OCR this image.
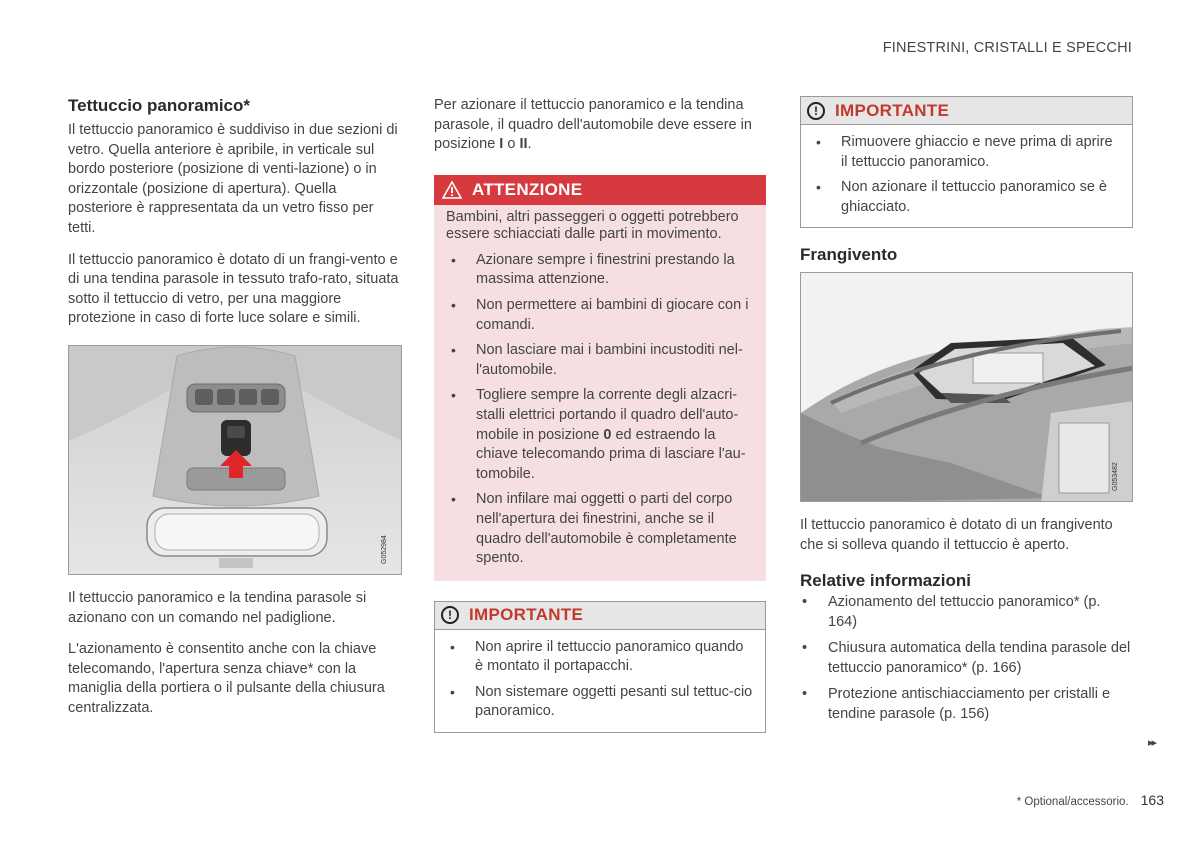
FINESTRINI, CRISTALLI E SPECCHI
Tettuccio panoramico*

Il tettuccio panoramico è suddiviso in due sezioni di vetro. Quella anteriore è apribile, in verticale sul bordo posteriore (posizione di venti-lazione) o in orizzontale (posizione di apertura). Quella posteriore è rappresentata da un vetro fisso per tetti.

Il tettuccio panoramico è dotato di un frangi-vento e di una tendina parasole in tessuto trafo-rato, situata sotto il tettuccio di vetro, per una maggiore protezione in caso di forte luce solare e simili.

G052984

Il tettuccio panoramico e la tendina parasole si azionano con un comando nel padiglione.

L'azionamento è consentito anche con la chiave telecomando, l'apertura senza chiave* con la maniglia della portiera o il pulsante della chiusura centralizzata.

Per azionare il tettuccio panoramico e la tendina parasole, il quadro dell'automobile deve essere in posizione I o II.

ATTENZIONE

Bambini, altri passeggeri o oggetti potrebbero essere schiacciati dalle parti in movimento.

• Azionare sempre i finestrini prestando la massima attenzione.
• Non permettere ai bambini di giocare con i comandi.
• Non lasciare mai i bambini incustoditi nel-l'automobile.
• Togliere sempre la corrente degli alzacri-stalli elettrici portando il quadro dell'auto-mobile in posizione 0 ed estraendo la chiave telecomando prima di lasciare l'au-tomobile.
• Non infilare mai oggetti o parti del corpo nell'apertura dei finestrini, anche se il quadro dell'automobile è completamente spento.
!	IMPORTANTE
• Non aprire il tettuccio panoramico quando è montato il portapacchi.
• Non sistemare oggetti pesanti sul tettuc-cio panoramico.
!	IMPORTANTE
• Rimuovere ghiaccio e neve prima di aprire il tettuccio panoramico.
• Non azionare il tettuccio panoramico se è ghiacciato.
Frangivento
G053482

Il tettuccio panoramico è dotato di un frangivento che si solleva quando il tettuccio è aperto.

Relative informazioni
• Azionamento del tettuccio panoramico* (p. 164)
• Chiusura automatica della tendina parasole del tettuccio panoramico* (p. 166)
• Protezione antischiacciamento per cristalli e tendine parasole (p. 156)
▸▸
* Optional/accessorio. 163
